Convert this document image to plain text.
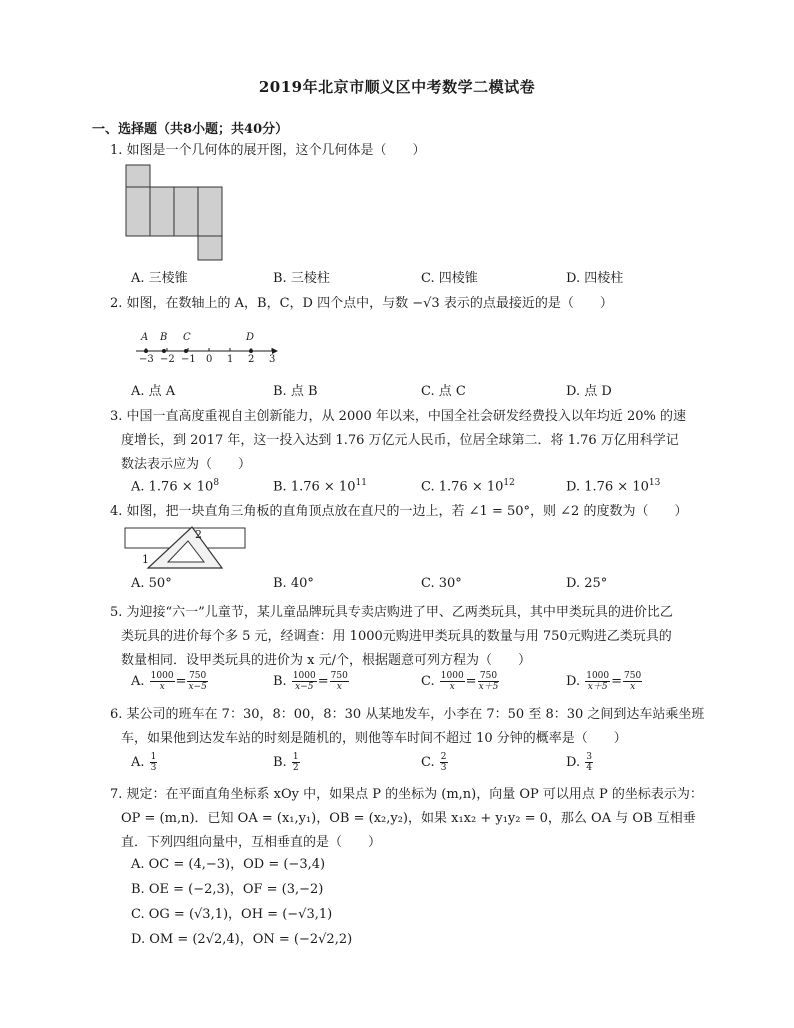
2019年北京市顺义区中考数学二模试卷
一、选择题（共8小题；共40分）
1. 如图是一个几何体的展开图，这个几何体是（　　）
A. 三棱锥	B. 三棱柱	C. 四棱锥	D. 四棱柱
2. 如图，在数轴上的 A，B，C，D 四个点中，与数 −√3 表示的点最接近的是（　　）
A B C	D
−3 −2 −1 0 1 2 3
A. 点 A	B. 点 B	C. 点 C	D. 点 D
3. 中国一直高度重视自主创新能力，从 2000 年以来，中国全社会研发经费投入以年均近 20% 的速
度增长，到 2017 年，这一投入达到 1.76 万亿元人民币，位居全球第二．将 1.76 万亿用科学记
数法表示应为（　　）
A. $1.76 \times 10^8$	B. $1.76 \times 10^{11}$	C. $1.76 \times 10^{12}$	D. $1.76 \times 10^{13}$
4. 如图，把一块直角三角板的直角顶点放在直尺的一边上，若 ∠1 = 50°，则 ∠2 的度数为（　　）
1
2
A. 50°	B. 40°	C. 30°	D. 25°
5. 为迎接“六一”儿童节，某儿童品牌玩具专卖店购进了甲、乙两类玩具，其中甲类玩具的进价比乙
类玩具的进价每个多 5 元，经调查：用 1000元购进甲类玩具的数量与用 750元购进乙类玩具的
数量相同．设甲类玩具的进价为 x 元/个，根据题意可列方程为（　　）
A. $\frac{1000}{x} = \frac{750}{x-5}$	B. $\frac{1000}{x-5} = \frac{750}{x}$	C. $\frac{1000}{x} = \frac{750}{x+5}$	D. $\frac{1000}{x+5} = \frac{750}{x}$
6. 某公司的班车在 7：30，8：00，8：30 从某地发车，小李在 7：50 至 8：30 之间到达车站乘坐班
车，如果他到达发车站的时刻是随机的，则他等车时间不超过 10 分钟的概率是（　　）
A. $\frac{1}{3}$	B. $\frac{1}{2}$	C. $\frac{2}{3}$	D. $\frac{3}{4}$
7. 规定：在平面直角坐标系 xOy 中，如果点 P 的坐标为 (m,n)，向量 OP 可以用点 P 的坐标表示为：
OP = (m,n)．已知 OA = (x₁,y₁)，OB = (x₂,y₂)，如果 x₁x₂ + y₁y₂ = 0，那么 OA 与 OB 互相垂
直．下列四组向量中，互相垂直的是（　　）
A. OC = (4,−3)，OD = (−3,4)
B. OE = (−2,3)，OF = (3,−2)
C. OG = (√3,1)，OH = (−√3,1)
D. OM = (2√2,4)，ON = (−2√2,2)
